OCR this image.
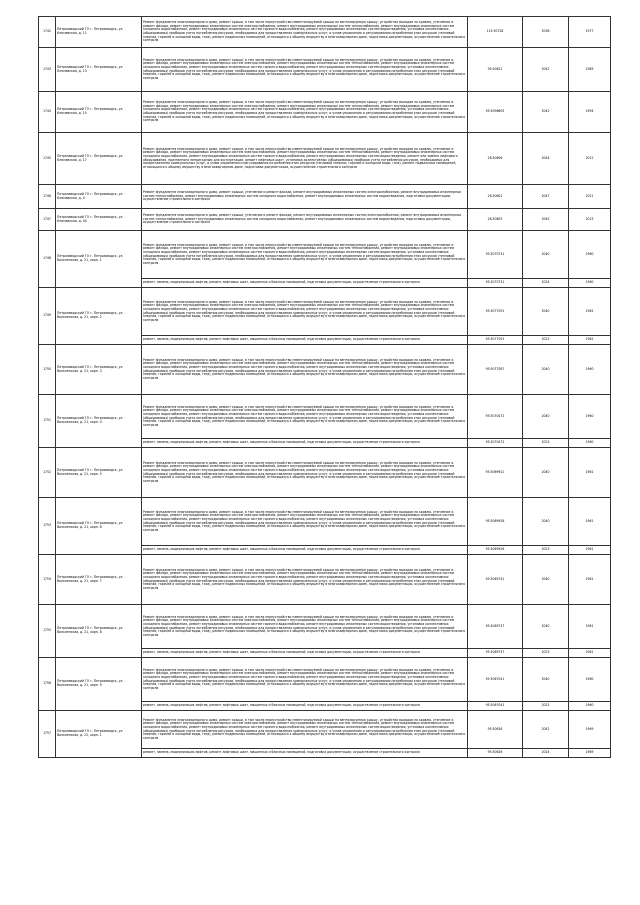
1742	Петрозаводский ГО г. Петрозаводск, ул. Ключевская, д. 11	Ремонт фундамента многоквартирного дома, ремонт крыши, в том числе переустройство невентилируемой крыши на вентилируемую крышу, устройство выходов на кровлю, утепление и ремонт фасада, ремонт внутридомовых инженерных систем электроснабжения, ремонт внутридомовых инженерных систем теплоснабжения, ремонт внутридомовых инженерных систем холодного водоснабжения, ремонт внутридомовых инженерных систем горячего водоснабжения, ремонт внутридомовых инженерных систем водоотведения, установка коллективных (общедомовых) приборов учета потребления ресурсов, необходимых для предоставления коммунальных услуг, и узлов управления и регулирования потребления этих ресурсов (тепловой энергии, горячей и холодной воды, газа), ремонт подвальных помещений, относящихся к общему имуществу в многоквартирном доме, подготовка документации, осуществление строительного контроля	115.50728	2038	1977
1743	Петрозаводский ГО г. Петрозаводск, ул. Ключевская, д. 13	Ремонт фундамента многоквартирного дома, ремонт крыши, в том числе переустройство невентилируемой крыши на вентилируемую крышу, устройство выходов на кровлю, утепление и ремонт фасада, ремонт внутридомовых инженерных систем электроснабжения, ремонт внутридомовых инженерных систем теплоснабжения, ремонт внутридомовых инженерных систем холодного водоснабжения, ремонт внутридомовых инженерных систем горячего водоснабжения, ремонт внутридомовых инженерных систем водоотведения, установка коллективных (общедомовых) приборов учета потребления ресурсов, необходимых для предоставления коммунальных услуг, и узлов управления и регулирования потребления этих ресурсов (тепловой энергии, горячей и холодной воды, газа), ремонт подвальных помещений, относящихся к общему имуществу в многоквартирном доме, подготовка документации, осуществление строительного контроля	95.50621	2042	1985
1744	Петрозаводский ГО г. Петрозаводск, ул. Ключевская, д. 15	Ремонт фундамента многоквартирного дома, ремонт крыши, в том числе переустройство невентилируемой крыши на вентилируемую крышу, устройство выходов на кровлю, утепление и ремонт фасада, ремонт внутридомовых инженерных систем электроснабжения, ремонт внутридомовых инженерных систем теплоснабжения, ремонт внутридомовых инженерных систем холодного водоснабжения, ремонт внутридомовых инженерных систем горячего водоснабжения, ремонт внутридомовых инженерных систем водоотведения, установка коллективных (общедомовых) приборов учета потребления ресурсов, необходимых для предоставления коммунальных услуг, и узлов управления и регулирования потребления этих ресурсов (тепловой энергии, горячей и холодной воды, газа), ремонт подвальных помещений, относящихся к общему имуществу в многоквартирном доме, подготовка документации, осуществление строительного контроля	95.5096605	2042	1994
1745	Петрозаводский ГО г. Петрозаводск, ул. Ключевская, д. 17	Ремонт фундамента многоквартирного дома, ремонт крыши, в том числе переустройство невентилируемой крыши на вентилируемую крышу, устройство выходов на кровлю, утепление и ремонт фасада, ремонт внутридомовых инженерных систем электроснабжения, ремонт внутридомовых инженерных систем теплоснабжения, ремонт внутридомовых инженерных систем холодного водоснабжения, ремонт внутридомовых инженерных систем горячего водоснабжения, ремонт внутридомовых инженерных систем водоотведения, ремонт или замена лифтового оборудования, признанного непригодным для эксплуатации, ремонт лифтовых шахт, установка коллективных (общедомовых) приборов учета потребления ресурсов, необходимых для предоставления коммунальных услуг, и узлов управления и регулирования потребления этих ресурсов (тепловой энергии, горячей и холодной воды, газа), ремонт подвальных помещений, относящихся к общему имуществу в многоквартирном доме, подготовка документации, осуществление строительного контроля	28.50606	2044	2012
1746	Петрозаводский ГО г. Петрозаводск, ул. Ключевская, д. 4	Ремонт фундамента многоквартирного дома, ремонт крыши, утепление и ремонт фасада, ремонт внутридомовых инженерных систем электроснабжения, ремонт внутридомовых инженерных систем теплоснабжения, ремонт внутридомовых инженерных систем холодного водоснабжения, ремонт внутридомовых инженерных систем водоотведения, подготовка документации, осуществление строительного контроля	28.50601	2047	2021
1747	Петрозаводский ГО г. Петрозаводск, ул. Ключевская, д. 44	Ремонт фундамента многоквартирного дома, ремонт крыши, утепление и ремонт фасада, ремонт внутридомовых инженерных систем электроснабжения, ремонт внутридомовых инженерных систем теплоснабжения, ремонт внутридомовых инженерных систем холодного водоснабжения, ремонт внутридомовых инженерных систем водоотведения, подготовка документации, осуществление строительного контроля	28.50605	2045	2015
1748	Петрозаводский ГО г. Петрозаводск, ул. Вольненская, д. 21, корп. 1	Ремонт фундамента многоквартирного дома, ремонт крыши, в том числе переустройство невентилируемой крыши на вентилируемую крышу, устройство выходов на кровлю, утепление и ремонт фасада, ремонт внутридомовых инженерных систем электроснабжения, ремонт внутридомовых инженерных систем теплоснабжения, ремонт внутридомовых инженерных систем холодного водоснабжения, ремонт внутридомовых инженерных систем горячего водоснабжения, ремонт внутридомовых инженерных систем водоотведения, установка коллективных (общедомовых) приборов учета потребления ресурсов, необходимых для предоставления коммунальных услуг, и узлов управления и регулирования потребления этих ресурсов (тепловой энергии, горячей и холодной воды, газа), ремонт подвальных помещений, относящихся к общему имуществу в многоквартирном доме, подготовка документации, осуществление строительного контроля	95.5070731	2040	1960
		ремонт, замена, модернизация лифтов, ремонт лифтовых шахт, машинных и блочных помещений, подготовка документации, осуществление строительного контроля	95.5070731	2024	1960
1749	Петрозаводский ГО г. Петрозаводск, ул. Вольненская, д. 21, корп. 2	Ремонт фундамента многоквартирного дома, ремонт крыши, в том числе переустройство невентилируемой крыши на вентилируемую крышу, устройство выходов на кровлю, утепление и ремонт фасада, ремонт внутридомовых инженерных систем электроснабжения, ремонт внутридомовых инженерных систем теплоснабжения, ремонт внутридомовых инженерных систем холодного водоснабжения, ремонт внутридомовых инженерных систем горячего водоснабжения, ремонт внутридомовых инженерных систем водоотведения, установка коллективных (общедомовых) приборов учета потребления ресурсов, необходимых для предоставления коммунальных услуг, и узлов управления и регулирования потребления этих ресурсов (тепловой энергии, горячей и холодной воды, газа), ремонт подвальных помещений, относящихся к общему имуществу в многоквартирном доме, подготовка документации, осуществление строительного контроля	95.5077091	2040	1962
		ремонт, замена, модернизация лифтов, ремонт лифтовых шахт, машинных и блочных помещений, подготовка документации, осуществление строительного контроля	95.5077091	2023	1962
1750	Петрозаводский ГО г. Петрозаводск, ул. Вольненская, д. 21, корп. 3	Ремонт фундамента многоквартирного дома, ремонт крыши, в том числе переустройство невентилируемой крыши на вентилируемую крышу, устройство выходов на кровлю, утепление и ремонт фасада, ремонт внутридомовых инженерных систем электроснабжения, ремонт внутридомовых инженерных систем теплоснабжения, ремонт внутридомовых инженерных систем холодного водоснабжения, ремонт внутридомовых инженерных систем горячего водоснабжения, ремонт внутридомовых инженерных систем водоотведения, установка коллективных (общедомовых) приборов учета потребления ресурсов, необходимых для предоставления коммунальных услуг, и узлов управления и регулирования потребления этих ресурсов (тепловой энергии, горячей и холодной воды, газа), ремонт подвальных помещений, относящихся к общему имуществу в многоквартирном доме, подготовка документации, осуществление строительного контроля	95.5077087	2040	1960
1751	Петрозаводский ГО г. Петрозаводск, ул. Вольненская, д. 21, корп. 4	Ремонт фундамента многоквартирного дома, ремонт крыши, в том числе переустройство невентилируемой крыши на вентилируемую крышу, устройство выходов на кровлю, утепление и ремонт фасада, ремонт внутридомовых инженерных систем электроснабжения, ремонт внутридомовых инженерных систем теплоснабжения, ремонт внутридомовых инженерных систем холодного водоснабжения, ремонт внутридомовых инженерных систем горячего водоснабжения, ремонт внутридомовых инженерных систем водоотведения, установка коллективных (общедомовых) приборов учета потребления ресурсов, необходимых для предоставления коммунальных услуг, и узлов управления и регулирования потребления этих ресурсов (тепловой энергии, горячей и холодной воды, газа), ремонт подвальных помещений, относящихся к общему имуществу в многоквартирном доме, подготовка документации, осуществление строительного контроля	95.5070472	2040	1960
		ремонт, замена, модернизация лифтов, ремонт лифтовых шахт, машинных и блочных помещений, подготовка документации, осуществление строительного контроля	95.5070472	2023	1960
1752	Петрозаводский ГО г. Петрозаводск, ул. Вольненская, д. 21, корп. 5	Ремонт фундамента многоквартирного дома, ремонт крыши, в том числе переустройство невентилируемой крыши на вентилируемую крышу, устройство выходов на кровлю, утепление и ремонт фасада, ремонт внутридомовых инженерных систем электроснабжения, ремонт внутридомовых инженерных систем теплоснабжения, ремонт внутридомовых инженерных систем холодного водоснабжения, ремонт внутридомовых инженерных систем горячего водоснабжения, ремонт внутридомовых инженерных систем водоотведения, установка коллективных (общедомовых) приборов учета потребления ресурсов, необходимых для предоставления коммунальных услуг, и узлов управления и регулирования потребления этих ресурсов (тепловой энергии, горячей и холодной воды, газа), ремонт подвальных помещений, относящихся к общему имуществу в многоквартирном доме, подготовка документации, осуществление строительного контроля	95.5069921	2040	1961
1753	Петрозаводский ГО г. Петрозаводск, ул. Вольненская, д. 21, корп. 6	Ремонт фундамента многоквартирного дома, ремонт крыши, в том числе переустройство невентилируемой крыши на вентилируемую крышу, устройство выходов на кровлю, утепление и ремонт фасада, ремонт внутридомовых инженерных систем электроснабжения, ремонт внутридомовых инженерных систем теплоснабжения, ремонт внутридомовых инженерных систем холодного водоснабжения, ремонт внутридомовых инженерных систем горячего водоснабжения, ремонт внутридомовых инженерных систем водоотведения, установка коллективных (общедомовых) приборов учета потребления ресурсов, необходимых для предоставления коммунальных услуг, и узлов управления и регулирования потребления этих ресурсов (тепловой энергии, горячей и холодной воды, газа), ремонт подвальных помещений, относящихся к общему имуществу в многоквартирном доме, подготовка документации, осуществление строительного контроля	95.5069926	2040	1961
		ремонт, замена, модернизация лифтов, ремонт лифтовых шахт, машинных и блочных помещений, подготовка документации, осуществление строительного контроля	95.5069926	2023	1961
1754	Петрозаводский ГО г. Петрозаводск, ул. Вольненская, д. 21, корп. 7	Ремонт фундамента многоквартирного дома, ремонт крыши, в том числе переустройство невентилируемой крыши на вентилируемую крышу, устройство выходов на кровлю, утепление и ремонт фасада, ремонт внутридомовых инженерных систем электроснабжения, ремонт внутридомовых инженерных систем теплоснабжения, ремонт внутридомовых инженерных систем холодного водоснабжения, ремонт внутридомовых инженерных систем горячего водоснабжения, ремонт внутридомовых инженерных систем водоотведения, установка коллективных (общедомовых) приборов учета потребления ресурсов, необходимых для предоставления коммунальных услуг, и узлов управления и регулирования потребления этих ресурсов (тепловой энергии, горячей и холодной воды, газа), ремонт подвальных помещений, относящихся к общему имуществу в многоквартирном доме, подготовка документации, осуществление строительного контроля	95.5069741	2040	1961
1755	Петрозаводский ГО г. Петрозаводск, ул. Вольненская, д. 21, корп. 8	Ремонт фундамента многоквартирного дома, ремонт крыши, в том числе переустройство невентилируемой крыши на вентилируемую крышу, устройство выходов на кровлю, утепление и ремонт фасада, ремонт внутридомовых инженерных систем электроснабжения, ремонт внутридомовых инженерных систем теплоснабжения, ремонт внутридомовых инженерных систем холодного водоснабжения, ремонт внутридомовых инженерных систем горячего водоснабжения, ремонт внутридомовых инженерных систем водоотведения, установка коллективных (общедомовых) приборов учета потребления ресурсов, необходимых для предоставления коммунальных услуг, и узлов управления и регулирования потребления этих ресурсов (тепловой энергии, горячей и холодной воды, газа), ремонт подвальных помещений, относящихся к общему имуществу в многоквартирном доме, подготовка документации, осуществление строительного контроля	95.5069737	2040	1961
		ремонт, замена, модернизация лифтов, ремонт лифтовых шахт, машинных и блочных помещений, подготовка документации, осуществление строительного контроля	95.5069737	2023	1961
1756	Петрозаводский ГО г. Петрозаводск, ул. Вольненская, д. 21, корп. 9	Ремонт фундамента многоквартирного дома, ремонт крыши, в том числе переустройство невентилируемой крыши на вентилируемую крышу, устройство выходов на кровлю, утепление и ремонт фасада, ремонт внутридомовых инженерных систем электроснабжения, ремонт внутридомовых инженерных систем теплоснабжения, ремонт внутридомовых инженерных систем холодного водоснабжения, ремонт внутридомовых инженерных систем горячего водоснабжения, ремонт внутридомовых инженерных систем водоотведения, установка коллективных (общедомовых) приборов учета потребления ресурсов, необходимых для предоставления коммунальных услуг, и узлов управления и регулирования потребления этих ресурсов (тепловой энергии, горячей и холодной воды, газа), ремонт подвальных помещений, относящихся к общему имуществу в многоквартирном доме, подготовка документации, осуществление строительного контроля	95.5067041	2040	1960
		ремонт, замена, модернизация лифтов, ремонт лифтовых шахт, машинных и блочных помещений, подготовка документации, осуществление строительного контроля	95.5067041	2023	1960
1757	Петрозаводский ГО г. Петрозаводск, ул. Вольненская, д. 22, корп. 1	Ремонт фундамента многоквартирного дома, ремонт крыши, в том числе переустройство невентилируемой крыши на вентилируемую крышу, устройство выходов на кровлю, утепление и ремонт фасада, ремонт внутридомовых инженерных систем электроснабжения, ремонт внутридомовых инженерных систем теплоснабжения, ремонт внутридомовых инженерных систем холодного водоснабжения, ремонт внутридомовых инженерных систем горячего водоснабжения, ремонт внутридомовых инженерных систем водоотведения, установка коллективных (общедомовых) приборов учета потребления ресурсов, необходимых для предоставления коммунальных услуг, и узлов управления и регулирования потребления этих ресурсов (тепловой энергии, горячей и холодной воды, газа), ремонт подвальных помещений, относящихся к общему имуществу в многоквартирном доме, подготовка документации, осуществление строительного контроля	95.50626	2042	1969
		ремонт, замена, модернизация лифтов, ремонт лифтовых шахт, машинных и блочных помещений, подготовка документации, осуществление строительного контроля	95.50626	2024	1969
